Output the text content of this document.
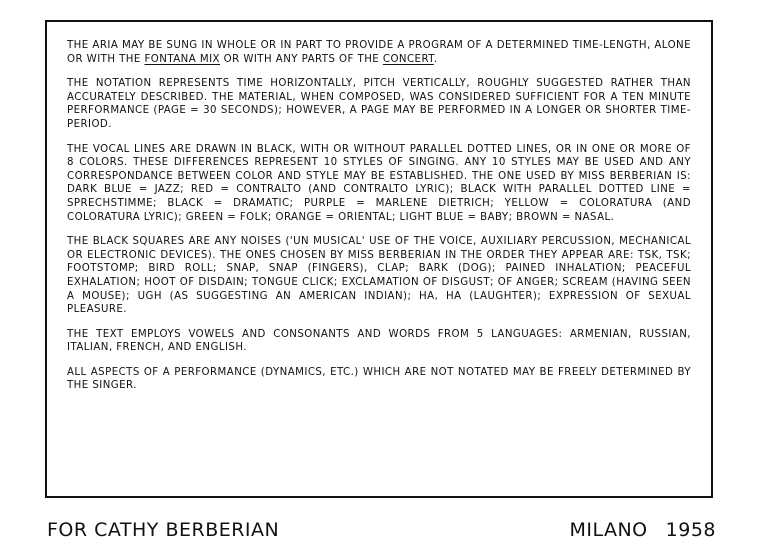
THE ARIA MAY BE SUNG IN WHOLE OR IN PART TO PROVIDE A PROGRAM OF A DETERMINED TIME-LENGTH, ALONE OR WITH THE FONTANA MIX OR WITH ANY PARTS OF THE CONCERT.

THE NOTATION REPRESENTS TIME HORIZONTALLY, PITCH VERTICALLY, ROUGHLY SUGGESTED RATHER THAN ACCURATELY DESCRIBED. THE MATERIAL, WHEN COMPOSED, WAS CONSIDERED SUFFICIENT FOR A TEN MINUTE PERFORMANCE (PAGE = 30 SECONDS); HOWEVER, A PAGE MAY BE PERFORMED IN A LONGER OR SHORTER TIME-PERIOD.

THE VOCAL LINES ARE DRAWN IN BLACK, WITH OR WITHOUT PARALLEL DOTTED LINES, OR IN ONE OR MORE OF 8 COLORS. THESE DIFFERENCES REPRESENT 10 STYLES OF SINGING. ANY 10 STYLES MAY BE USED AND ANY CORRESPONDANCE BETWEEN COLOR AND STYLE MAY BE ESTABLISHED. THE ONE USED BY MISS BERBERIAN IS: DARK BLUE = JAZZ; RED = CONTRALTO (AND CONTRALTO LYRIC); BLACK WITH PARALLEL DOTTED LINE = SPRECHSTIMME; BLACK = DRAMATIC; PURPLE = MARLENE DIETRICH; YELLOW = COLORATURA (AND COLORATURA LYRIC); GREEN = FOLK; ORANGE = ORIENTAL; LIGHT BLUE = BABY; BROWN = NASAL.

THE BLACK SQUARES ARE ANY NOISES ('UN MUSICAL' USE OF THE VOICE, AUXILIARY PERCUSSION, MECHANICAL OR ELECTRONIC DEVICES). THE ONES CHOSEN BY MISS BERBERIAN IN THE ORDER THEY APPEAR ARE: TSK, TSK; FOOTSTOMP; BIRD ROLL; SNAP, SNAP (FINGERS), CLAP; BARK (DOG); PAINED INHALATION; PEACEFUL EXHALATION; HOOT OF DISDAIN; TONGUE CLICK; EXCLAMATION OF DISGUST; OF ANGER; SCREAM (HAVING SEEN A MOUSE); UGH (AS SUGGESTING AN AMERICAN INDIAN); HA, HA (LAUGHTER); EXPRESSION OF SEXUAL PLEASURE.

THE TEXT EMPLOYS VOWELS AND CONSONANTS AND WORDS FROM 5 LANGUAGES: ARMENIAN, RUSSIAN, ITALIAN, FRENCH, AND ENGLISH.

ALL ASPECTS OF A PERFORMANCE (DYNAMICS, ETC.) WHICH ARE NOT NOTATED MAY BE FREELY DETERMINED BY THE SINGER.

FOR CATHY BERBERIAN	MILANO 1958
